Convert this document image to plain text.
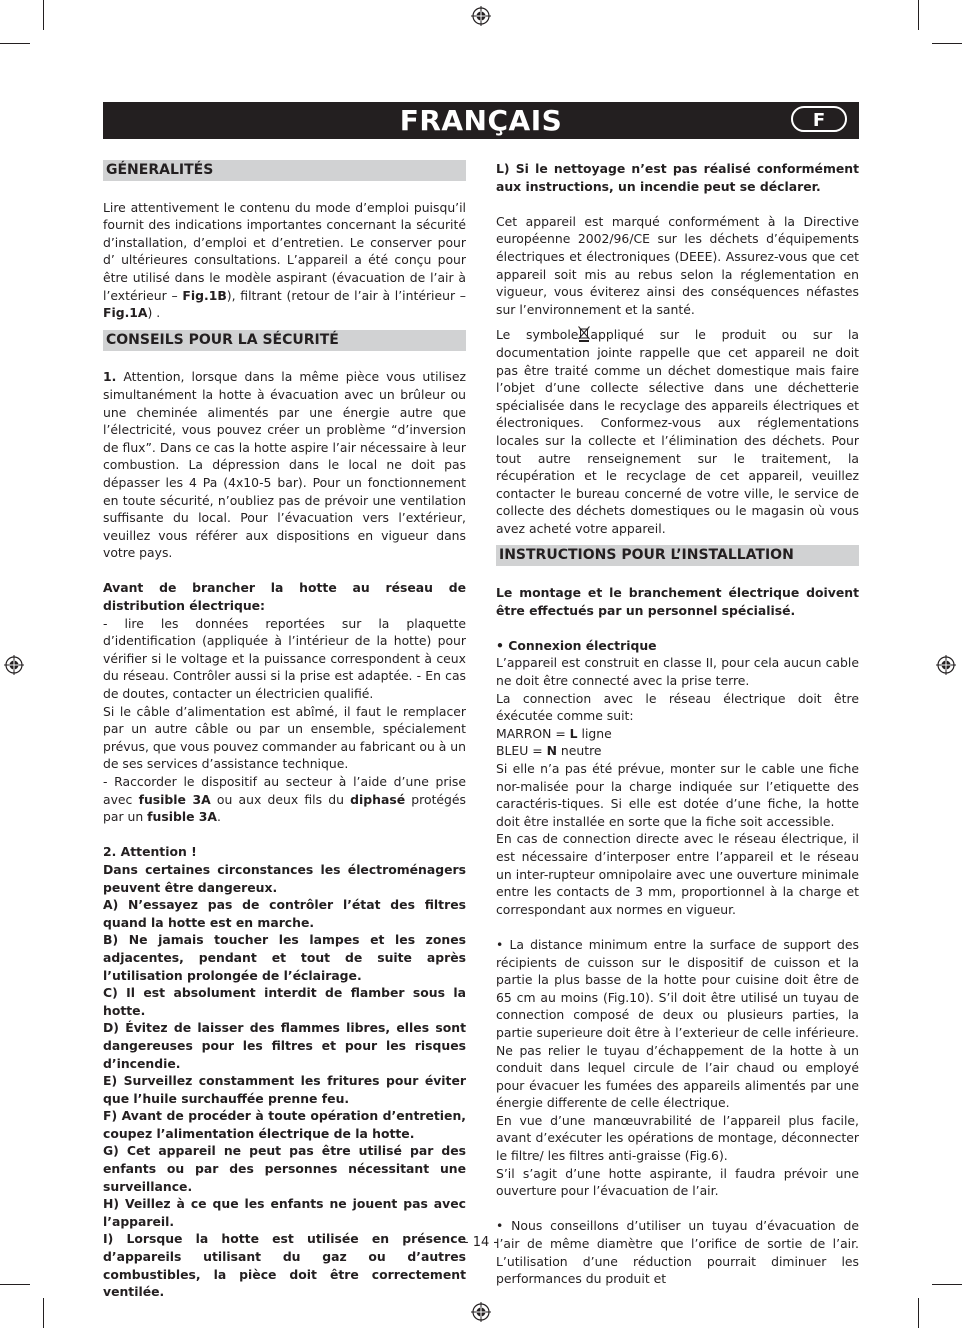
FRANÇAIS	F
GÉNERALITÉS

Lire attentivement le contenu du mode d’emploi puisqu’il fournit des indications importantes concernant la sécurité d’installation, d’emploi et d’entretien. Le conserver pour d’ ultérieures consultations. L’appareil a été conçu pour être utilisé dans le modèle aspirant (évacuation de l’air à l’extérieur – Fig.1B), filtrant (retour de l’air à l’intérieur – Fig.1A) .

CONSEILS POUR LA SÉCURITÉ

1. Attention, lorsque dans la même pièce vous utilisez simultanément la hotte à évacuation avec un brûleur ou une cheminée alimentés par une énergie autre que l’électricité, vous pouvez créer un problème “d’inversion de flux”. Dans ce cas la hotte aspire l’air nécessaire à leur combustion. La dépression dans le local ne doit pas dépasser les 4 Pa (4x10-5 bar). Pour un fonctionnement en toute sécurité, n’oubliez pas de prévoir une ventilation suffisante du local. Pour l’évacuation vers l’extérieur, veuillez vous référer aux dispositions en vigueur dans votre pays.

Avant de brancher la hotte au réseau de distribution électrique:

- lire les données reportées sur la plaquette d’identification (appliquée à l’intérieur de la hotte) pour vérifier si le voltage et la puissance correspondent à ceux du réseau. Contrôler aussi si la prise est adaptée. - En cas de doutes, contacter un électricien qualifié.

Si le câble d’alimentation est abîmé, il faut le remplacer par un autre câble ou par un ensemble, spécialement prévus, que vous pouvez commander au fabricant ou à un de ses services d’assistance technique.

- Raccorder le dispositif au secteur à l’aide d’une prise avec fusible 3A ou aux deux fils du diphasé protégés par un fusible 3A.

2. Attention !

Dans certaines circonstances les électroménagers peuvent être dangereux.

A) N’essayez pas de contrôler l’état des filtres quand la hotte est en marche.

B) Ne jamais toucher les lampes et les zones adjacentes, pendant et tout de suite après l’utilisation prolongée de l’éclairage.

C) Il est absolument interdit de flamber sous la hotte.

D) Évitez de laisser des flammes libres, elles sont dangereuses pour les filtres et pour les risques d’incendie.

E) Surveillez constamment les fritures pour éviter que l’huile surchauffée prenne feu.

F) Avant de procéder à toute opération d’entretien, coupez l’alimentation électrique de la hotte.

G) Cet appareil ne peut pas être utilisé par des enfants ou par des personnes nécessitant une surveillance.

H) Veillez à ce que les enfants ne jouent pas avec l’appareil.

I) Lorsque la hotte est utilisée en présence d’appareils utilisant du gaz ou d’autres combustibles, la pièce doit être correctement ventilée.

L) Si le nettoyage n’est pas réalisé conformément aux instructions, un incendie peut se déclarer.

Cet appareil est marqué conformément à la Directive européenne 2002/96/CE sur les déchets d’équipements électriques et électroniques (DEEE). Assurez-vous que cet appareil soit mis au rebus selon la réglementation en vigueur, vous éviterez ainsi des conséquences néfastes sur l’environnement et la santé.

Le symbole appliqué sur le produit ou sur la documentation jointe rappelle que cet appareil ne doit pas être traité comme un déchet domestique mais faire l’objet d’une collecte sélective dans une déchetterie spécialisée dans le recyclage des appareils électriques et électroniques. Conformez-vous aux réglementations locales sur la collecte et l’élimination des déchets. Pour tout autre renseignement sur le traitement, la récupération et le recyclage de cet appareil, veuillez contacter le bureau concerné de votre ville, le service de collecte des déchets domestiques ou le magasin où vous avez acheté votre appareil.

INSTRUCTIONS POUR L’INSTALLATION

Le montage et le branchement électrique doivent être effectués par un personnel spécialisé.

• Connexion électrique

L’appareil est construit en classe II, pour cela aucun cable ne doit être connecté avec la prise terre.

La connection avec le réseau électrique doit être éxécutée comme suit:

MARRON = L ligne

BLEU = N neutre

Si elle n’a pas été prévue, monter sur le cable une fiche nor-malisée pour la charge indiquée sur l’etiquette des caractéris-tiques. Si elle est dotée d’une fiche, la hotte doit être installée en sorte que la fiche soit accessible.

En cas de connection directe avec le réseau électrique, il est nécessaire d’interposer entre l’appareil et le réseau un inter-rupteur omnipolaire avec une ouverture minimale entre les contacts de 3 mm, proportionnel à la charge et correspondant aux normes en vigueur.

• La distance minimum entre la surface de support des récipients de cuisson sur le dispositif de cuisson et la partie la plus basse de la hotte pour cuisine doit être de 65 cm au moins (Fig.10). S’il doit être utilisé un tuyau de connection composé de deux ou plusieurs parties, la partie superieure doit être à l’exterieur de celle inférieure. Ne pas relier le tuyau d’échappement de la hotte à un conduit dans lequel circule de l’air chaud ou employé pour évacuer les fumées des appareils alimentés par une énergie differente de celle électrique.

En vue d’une manœuvrabilité de l’appareil plus facile, avant d’exécuter les opérations de montage, déconnecter le filtre/ les filtres anti-graisse (Fig.6).

S’il s’agit d’une hotte aspirante, il faudra prévoir une ouverture pour l’évacuation de l’air.

• Nous conseillons d’utiliser un tuyau d’évacuation de l’air de même diamètre que l’orifice de sortie de l’air. L’utilisation d’une réduction pourrait diminuer les performances du produit et

- 14 -
